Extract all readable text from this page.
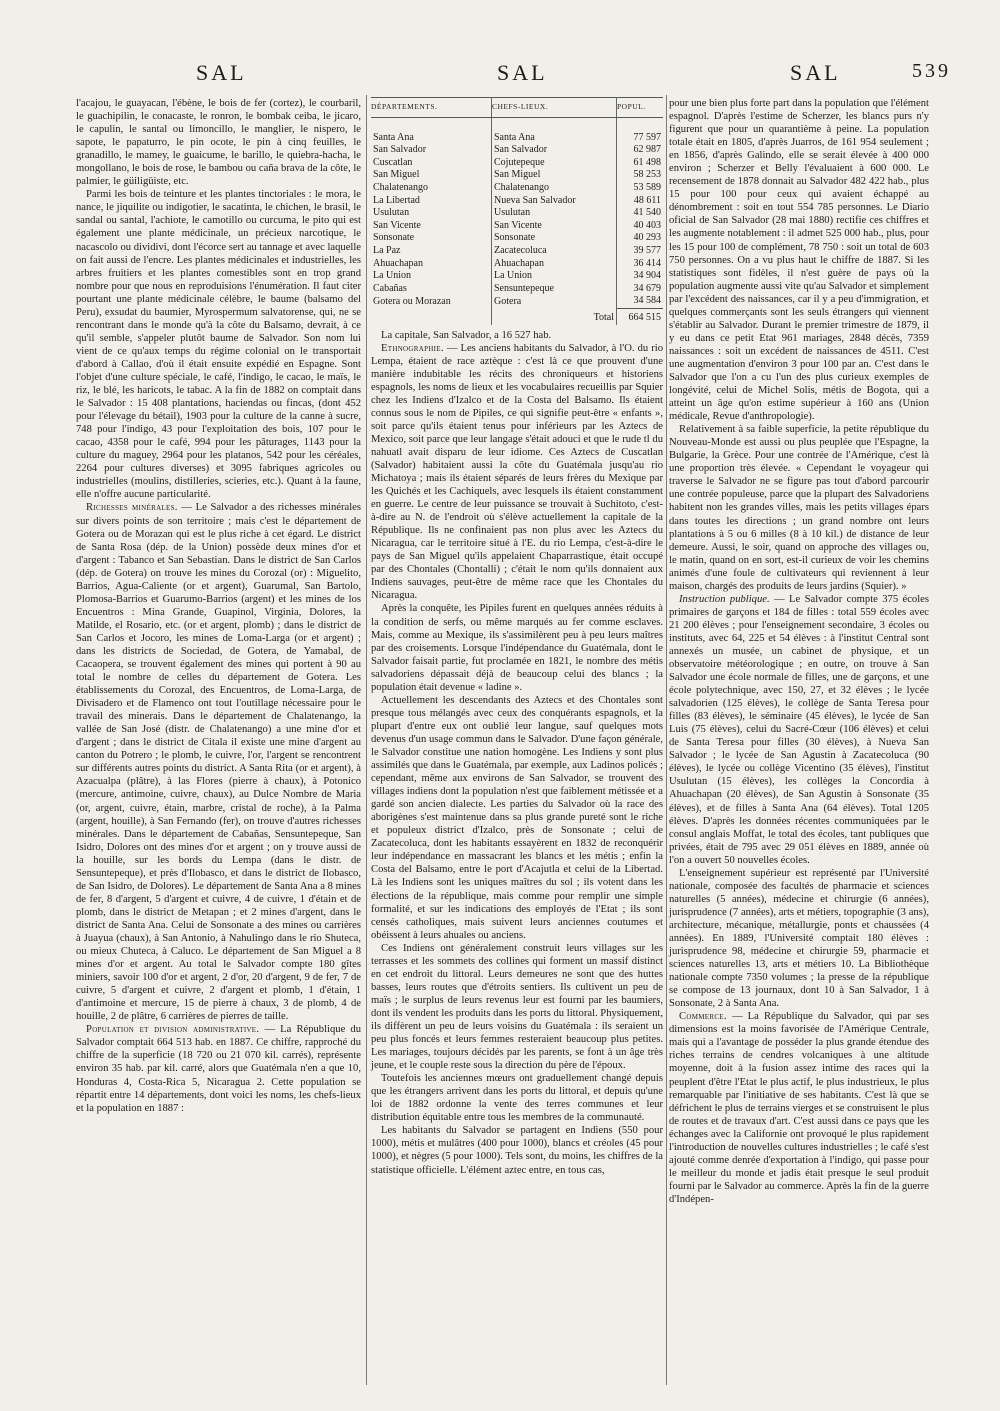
SAL	SAL	SAL	539

l'acajou, le guayacan, l'ébène, le bois de fer (cortez), le courbaril, le guachipilin, le conacaste, le ronron, le bombak ceiba, le jicaro, le capulin, le santal ou limoncillo, le manglier, le nispero, le sapote, le papaturro, le pin ocote, le pin à cinq feuilles, le granadillo, le mamey, le guaicume, le barillo, le quiebra-hacha, le mongollano, le bois de rose, le bambou ou caña brava de la côte, le palmier, le güiligüiste, etc.

Parmi les bois de teinture et les plantes tinctoriales : le mora, le nance, le jiquilite ou indigotier, le sacatinta, le chichen, le brasil, le sandal ou santal, l'achiote, le camotillo ou curcuma, le pito qui est également une plante médicinale, un précieux narcotique, le nacascolo ou dividivi, dont l'écorce sert au tannage et avec laquelle on fait aussi de l'encre. Les plantes médicinales et industrielles, les arbres fruitiers et les plantes comestibles sont en trop grand nombre pour que nous en reproduisions l'énumération. Il faut citer pourtant une plante médicinale célèbre, le baume (balsamo del Peru), exsudat du baumier, Myrospermum salvatorense, qui, ne se rencontrant dans le monde qu'à la côte du Balsamo, devrait, à ce qu'il semble, s'appeler plutôt baume de Salvador. Son nom lui vient de ce qu'aux temps du régime colonial on le transportait d'abord à Callao, d'où il était ensuite expédié en Espagne. Sont l'objet d'une culture spéciale, le café, l'indigo, le cacao, le maïs, le riz, le blé, les haricots, le tabac. A la fin de 1882 on comptait dans le Salvador : 15 408 plantations, haciendas ou fincas, (dont 452 pour l'élevage du bétail), 1903 pour la culture de la canne à sucre, 748 pour l'indigo, 43 pour l'exploitation des bois, 107 pour le cacao, 4358 pour le café, 994 pour les pâturages, 1143 pour la culture du maguey, 2964 pour les platanos, 542 pour les céréales, 2264 pour cultures diverses) et 3095 fabriques agricoles ou industrielles (moulins, distilleries, scieries, etc.). Quant à la faune, elle n'offre aucune particularité.

Richesses minérales. — Le Salvador a des richesses minérales sur divers points de son territoire ; mais c'est le département de Gotera ou de Morazan qui est le plus riche à cet égard. Le district de Santa Rosa (dép. de la Union) possède deux mines d'or et d'argent : Tabanco et San Sebastian. Dans le district de San Carlos (dép. de Gotera) on trouve les mines du Corozal (or) : Miguelito, Barrios, Agua-Caliente (or et argent), Guarumal, San Bartolo, Plomosa-Barrios et Guarumo-Barrios (argent) et les mines de los Encuentros : Mina Grande, Guapinol, Virginia, Dolores, la Matilde, el Rosario, etc. (or et argent, plomb) ; dans le district de San Carlos et Jocoro, les mines de Loma-Larga (or et argent) ; dans les districts de Sociedad, de Gotera, de Yamabal, de Cacaopera, se trouvent également des mines qui portent à 90 au total le nombre de celles du département de Gotera. Les établissements du Corozal, des Encuentros, de Loma-Larga, de Divisadero et de Flamenco ont tout l'outillage nécessaire pour le travail des minerais. Dans le département de Chalatenango, la vallée de San José (distr. de Chalatenango) a une mine d'or et d'argent ; dans le district de Citala il existe une mine d'argent au canton du Potrero ; le plomb, le cuivre, l'or, l'argent se rencontrent sur différents autres points du district. A Santa Rita (or et argent), à Azacualpa (plâtre), à las Flores (pierre à chaux), à Potonico (mercure, antimoine, cuivre, chaux), au Dulce Nombre de Maria (or, argent, cuivre, étain, marbre, cristal de roche), à la Palma (argent, houille), à San Fernando (fer), on trouve d'autres richesses minérales. Dans le département de Cabañas, Sensuntepeque, San Isidro, Dolores ont des mines d'or et argent ; on y trouve aussi de la houille, sur les bords du Lempa (dans le distr. de Sensuntepeque), et près d'Ilobasco, et dans le district de Ilobasco, de San Isidro, de Dolores). Le département de Santa Ana a 8 mines de fer, 8 d'argent, 5 d'argent et cuivre, 4 de cuivre, 1 d'étain et de plomb, dans le district de Metapan ; et 2 mines d'argent, dans le district de Santa Ana. Celui de Sonsonate a des mines ou carrières à Juayua (chaux), à San Antonio, à Nahulingo dans le rio Shuteca, ou mieux Chuteca, à Caluco. Le département de San Miguel a 8 mines d'or et argent. Au total le Salvador compte 180 gîtes miniers, savoir 100 d'or et argent, 2 d'or, 20 d'argent, 9 de fer, 7 de cuivre, 5 d'argent et cuivre, 2 d'argent et plomb, 1 d'étain, 1 d'antimoine et mercure, 15 de pierre à chaux, 3 de plomb, 4 de houille, 2 de plâtre, 6 carrières de pierres de taille.

Population et division administrative. — La République du Salvador comptait 664 513 hab. en 1887. Ce chiffre, rapproché du chiffre de la superficie (18 720 ou 21 070 kil. carrés), représente environ 35 hab. par kil. carré, alors que Guatémala n'en a que 10, Honduras 4, Costa-Rica 5, Nicaragua 2. Cette population se répartit entre 14 départements, dont voici les noms, les chefs-lieux et la population en 1887 :

DÉPARTEMENTS.	CHEFS-LIEUX.	POPUL.
Santa Ana	Santa Ana	77 597
San Salvador	San Salvador	62 987
Cuscatlan	Cojutepeque	61 498
San Miguel	San Miguel	58 253
Chalatenango	Chalatenango	53 589
La Libertad	Nueva San Salvador	48 611
Usulutan	Usulutan	41 540
San Vicente	San Vicente	40 403
Sonsonate	Sonsonate	40 293
La Paz	Zacatecoluca	39 577
Ahuachapan	Ahuachapan	36 414
La Union	La Union	34 904
Cabañas	Sensuntepeque	34 679
Gotera ou Morazan	Gotera	34 584
	Total	664 515

La capitale, San Salvador, a 16 527 hab.

Ethnographie. — Les anciens habitants du Salvador, à l'O. du rio Lempa, étaient de race aztèque : c'est là ce que prouvent d'une manière indubitable les récits des chroniqueurs et historiens espagnols, les noms de lieux et les vocabulaires recueillis par Squier chez les Indiens d'Izalco et de la Costa del Balsamo. Ils étaient connus sous le nom de Pipiles, ce qui signifie peut-être « enfants », soit parce qu'ils étaient tenus pour inférieurs par les Aztecs de Mexico, soit parce que leur langage s'était adouci et que le rude tl du nahuatl avait disparu de leur idiome. Ces Aztecs de Cuscatlan (Salvador) habitaient aussi la côte du Guatémala jusqu'au rio Michatoya ; mais ils étaient séparés de leurs frères du Mexique par les Quichés et les Cachiquels, avec lesquels ils étaient constamment en guerre. Le centre de leur puissance se trouvait à Suchitoto, c'est-à-dire au N. de l'endroit où s'élève actuellement la capitale de la République. Ils ne confinaient pas non plus avec les Aztecs du Nicaragua, car le territoire situé à l'E. du rio Lempa, c'est-à-dire le pays de San Miguel qu'ils appelaient Chaparrastique, était occupé par des Chontales (Chontalli) ; c'était le nom qu'ils donnaient aux Indiens sauvages, peut-être de même race que les Chontales du Nicaragua.

Après la conquête, les Pipiles furent en quelques années réduits à la condition de serfs, ou même marqués au fer comme esclaves. Mais, comme au Mexique, ils s'assimilèrent peu à peu leurs maîtres par des croisements. Lorsque l'indépendance du Guatémala, dont le Salvador faisait partie, fut proclamée en 1821, le nombre des métis salvadoriens dépassait déjà de beaucoup celui des blancs ; la population était devenue « ladine ».

Actuellement les descendants des Aztecs et des Chontales sont presque tous mélangés avec ceux des conquérants espagnols, et la plupart d'entre eux ont oublié leur langue, sauf quelques mots devenus d'un usage commun dans le Salvador. D'une façon générale, le Salvador constitue une nation homogène. Les Indiens y sont plus assimilés que dans le Guatémala, par exemple, aux Ladinos policés ; cependant, même aux environs de San Salvador, se trouvent des villages indiens dont la population n'est que faiblement métissée et a gardé son ancien dialecte. Les parties du Salvador où la race des aborigènes s'est maintenue dans sa plus grande pureté sont le riche et populeux district d'Izalco, près de Sonsonate ; celui de Zacatecoluca, dont les habitants essayèrent en 1832 de reconquérir leur indépendance en massacrant les blancs et les métis ; enfin la Costa del Balsamo, entre le port d'Acajutla et celui de la Libertad. Là les Indiens sont les uniques maîtres du sol ; ils votent dans les élections de la république, mais comme pour remplir une simple formalité, et sur les indications des employés de l'Etat ; ils sont censés catholiques, mais suivent leurs anciennes coutumes et obéissent à leurs ahuales ou anciens.

Ces Indiens ont généralement construit leurs villages sur les terrasses et les sommets des collines qui forment un massif distinct en cet endroit du littoral. Leurs demeures ne sont que des huttes basses, leurs routes que d'étroits sentiers. Ils cultivent un peu de maïs ; le surplus de leurs revenus leur est fourni par les baumiers, dont ils vendent les produits dans les ports du littoral. Physiquement, ils diffèrent un peu de leurs voisins du Guatémala : ils seraient un peu plus foncés et leurs femmes resteraient beaucoup plus petites. Les mariages, toujours décidés par les parents, se font à un âge très jeune, et le couple reste sous la direction du père de l'époux.

Toutefois les anciennes mœurs ont graduellement changé depuis que les étrangers arrivent dans les ports du littoral, et depuis qu'une loi de 1882 ordonne la vente des terres communes et leur distribution équitable entre tous les membres de la communauté.

Les habitants du Salvador se partagent en Indiens (550 pour 1000), métis et mulâtres (400 pour 1000), blancs et créoles (45 pour 1000), et nègres (5 pour 1000). Tels sont, du moins, les chiffres de la statistique officielle. L'élément aztec entre, en tous cas,

pour une bien plus forte part dans la population que l'élément espagnol. D'après l'estime de Scherzer, les blancs purs n'y figurent que pour un quarantième à peine. La population totale était en 1805, d'après Juarros, de 161 954 seulement ; en 1856, d'après Galindo, elle se serait élevée à 400 000 environ ; Scherzer et Belly l'évaluaient à 600 000. Le recensement de 1878 donnait au Salvador 482 422 hab., plus 15 pour 100 pour ceux qui avaient échappé au dénombrement : soit en tout 554 785 personnes. Le Diario oficial de San Salvador (28 mai 1880) rectifie ces chiffres et les augmente notablement : il admet 525 000 hab., plus, pour les 15 pour 100 de complément, 78 750 : soit un total de 603 750 personnes. On a vu plus haut le chiffre de 1887. Si les statistiques sont fidèles, il n'est guère de pays où la population augmente aussi vite qu'au Salvador et simplement par l'excédent des naissances, car il y a peu d'immigration, et quelques commerçants sont les seuls étrangers qui viennent s'établir au Salvador. Durant le premier trimestre de 1879, il y eu dans ce petit Etat 961 mariages, 2848 décès, 7359 naissances : soit un excédent de naissances de 4511. C'est une augmentation d'environ 3 pour 100 par an. C'est dans le Salvador que l'on a cu l'un des plus curieux exemples de longévité, celui de Michel Solis, métis de Bogota, qui a atteint un âge qu'on estime supérieur à 160 ans (Union médicale, Revue d'anthropologie).

Relativement à sa faible superficie, la petite république du Nouveau-Monde est aussi ou plus peuplée que l'Espagne, la Bulgarie, la Grèce. Pour une contrée de l'Amérique, c'est là une proportion très élevée. « Cependant le voyageur qui traverse le Salvador ne se figure pas tout d'abord parcourir une contrée populeuse, parce que la plupart des Salvadoriens habitent non les grandes villes, mais les petits villages épars dans toutes les directions ; un grand nombre ont leurs plantations à 5 ou 6 milles (8 à 10 kil.) de distance de leur demeure. Aussi, le soir, quand on approche des villages ou, le matin, quand on en sort, est-il curieux de voir les chemins animés d'une foule de cultivateurs qui reviennent à leur maison, chargés des produits de leurs jardins (Squier). »

Instruction publique. — Le Salvador compte 375 écoles primaires de garçons et 184 de filles : total 559 écoles avec 21 200 élèves ; pour l'enseignement secondaire, 3 écoles ou instituts, avec 64, 225 et 54 élèves : à l'institut Central sont annexés un musée, un cabinet de physique, et un observatoire météorologique ; en outre, on trouve à San Salvador une école normale de filles, une de garçons, et une école polytechnique, avec 150, 27, et 32 élèves ; le lycée salvadorien (125 élèves), le collège de Santa Teresa pour filles (83 élèves), le séminaire (45 élèves), le lycée de San Luis (75 élèves), celui du Sacré-Cœur (106 élèves) et celui de Santa Teresa pour filles (30 élèves), à Nueva San Salvador ; le lycée de San Agustin à Zacatecoluca (90 élèves), le lycée ou collège Vicentino (35 élèves), l'institut Usulutan (15 élèves), les collèges la Concordia à Ahuachapan (20 élèves), de San Agustin à Sonsonate (35 élèves), et de filles à Santa Ana (64 élèves). Total 1205 élèves. D'après les données récentes communiquées par le consul anglais Moffat, le total des écoles, tant publiques que privées, était de 795 avec 29 051 élèves en 1889, année où l'on a ouvert 50 nouvelles écoles.

L'enseignement supérieur est représenté par l'Université nationale, composée des facultés de pharmacie et sciences naturelles (5 années), médecine et chirurgie (6 années), jurisprudence (7 années), arts et métiers, topographie (3 ans), architecture, mécanique, métallurgie, ponts et chaussées (4 années). En 1889, l'Université comptait 180 élèves : jurisprudence 98, médecine et chirurgie 59, pharmacie et sciences naturelles 13, arts et métiers 10. La Bibliothèque nationale compte 7350 volumes ; la presse de la république se compose de 13 journaux, dont 10 à San Salvador, 1 à Sonsonate, 2 à Santa Ana.

Commerce. — La République du Salvador, qui par ses dimensions est la moins favorisée de l'Amérique Centrale, mais qui a l'avantage de posséder la plus grande étendue des riches terrains de cendres volcaniques à une altitude moyenne, doit à la fusion assez intime des races qui la peuplent d'être l'Etat le plus actif, le plus industrieux, le plus remarquable par l'initiative de ses habitants. C'est là que se défrichent le plus de terrains vierges et se construisent le plus de routes et de travaux d'art. C'est aussi dans ce pays que les échanges avec la Californie ont provoqué le plus rapidement l'introduction de nouvelles cultures industrielles ; le café s'est ajouté comme denrée d'exportation à l'indigo, qui passe pour le meilleur du monde et jadis était presque le seul produit fourni par le Salvador au commerce. Après la fin de la guerre d'Indépen-
